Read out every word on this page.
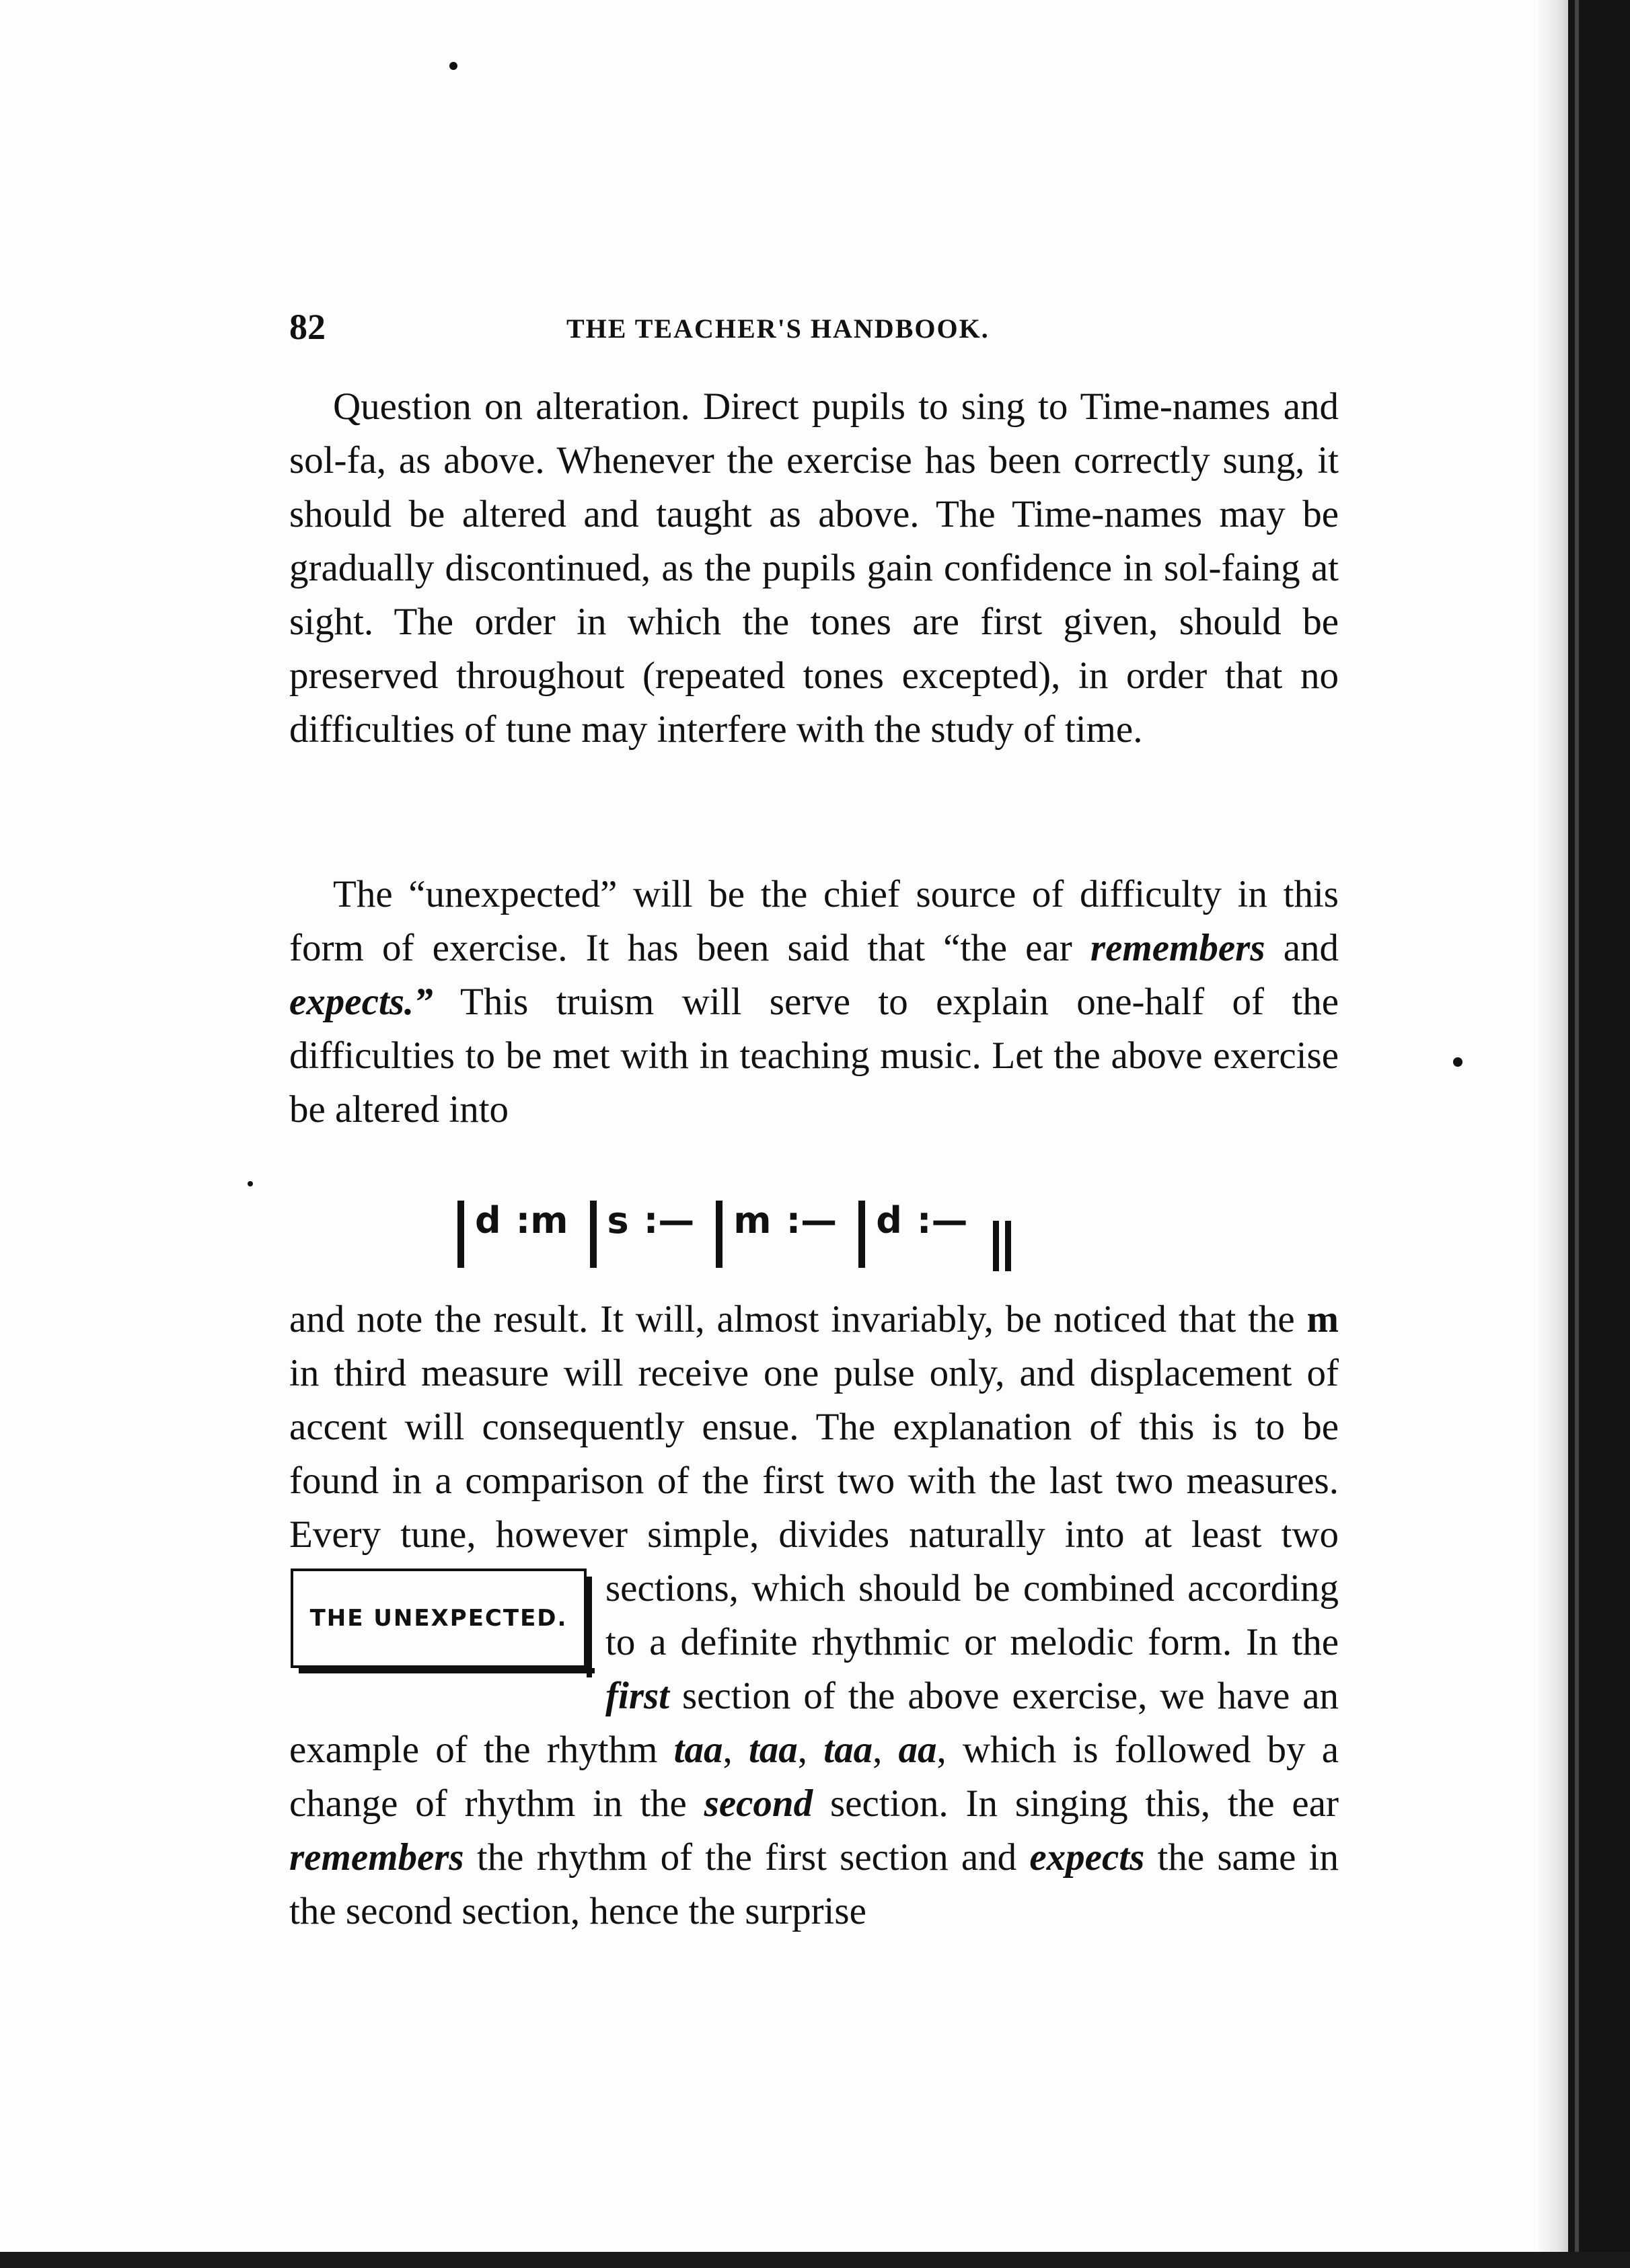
82	THE TEACHER'S HANDBOOK.

Question on alteration. Direct pupils to sing to Time-names and sol-fa, as above. Whenever the exercise has been correctly sung, it should be altered and taught as above. The Time-names may be gradually discontinued, as the pupils gain confidence in sol-faing at sight. The order in which the tones are first given, should be preserved throughout (repeated tones excepted), in order that no difficulties of tune may interfere with the study of time.

The “unexpected” will be the chief source of difficulty in this form of exercise. It has been said that “the ear remembers and expects.” This truism will serve to explain one-half of the difficulties to be met with in teaching music. Let the above exercise be altered into

d :m s :— m :— d :—
THE UNEXPECTED.

and note the result. It will, almost invariably, be noticed that the m in third measure will receive one pulse only, and displacement of accent will consequently ensue. The explanation of this is to be found in a comparison of the first two with the last two measures. Every tune, however simple, divides naturally into at least two sections, which should be combined according to a definite rhythmic or melodic form. In the first section of the above exercise, we have an example of the rhythm taa, taa, taa, aa, which is followed by a change of rhythm in the second section. In singing this, the ear remembers the rhythm of the first section and expects the same in the second section, hence the surprise
